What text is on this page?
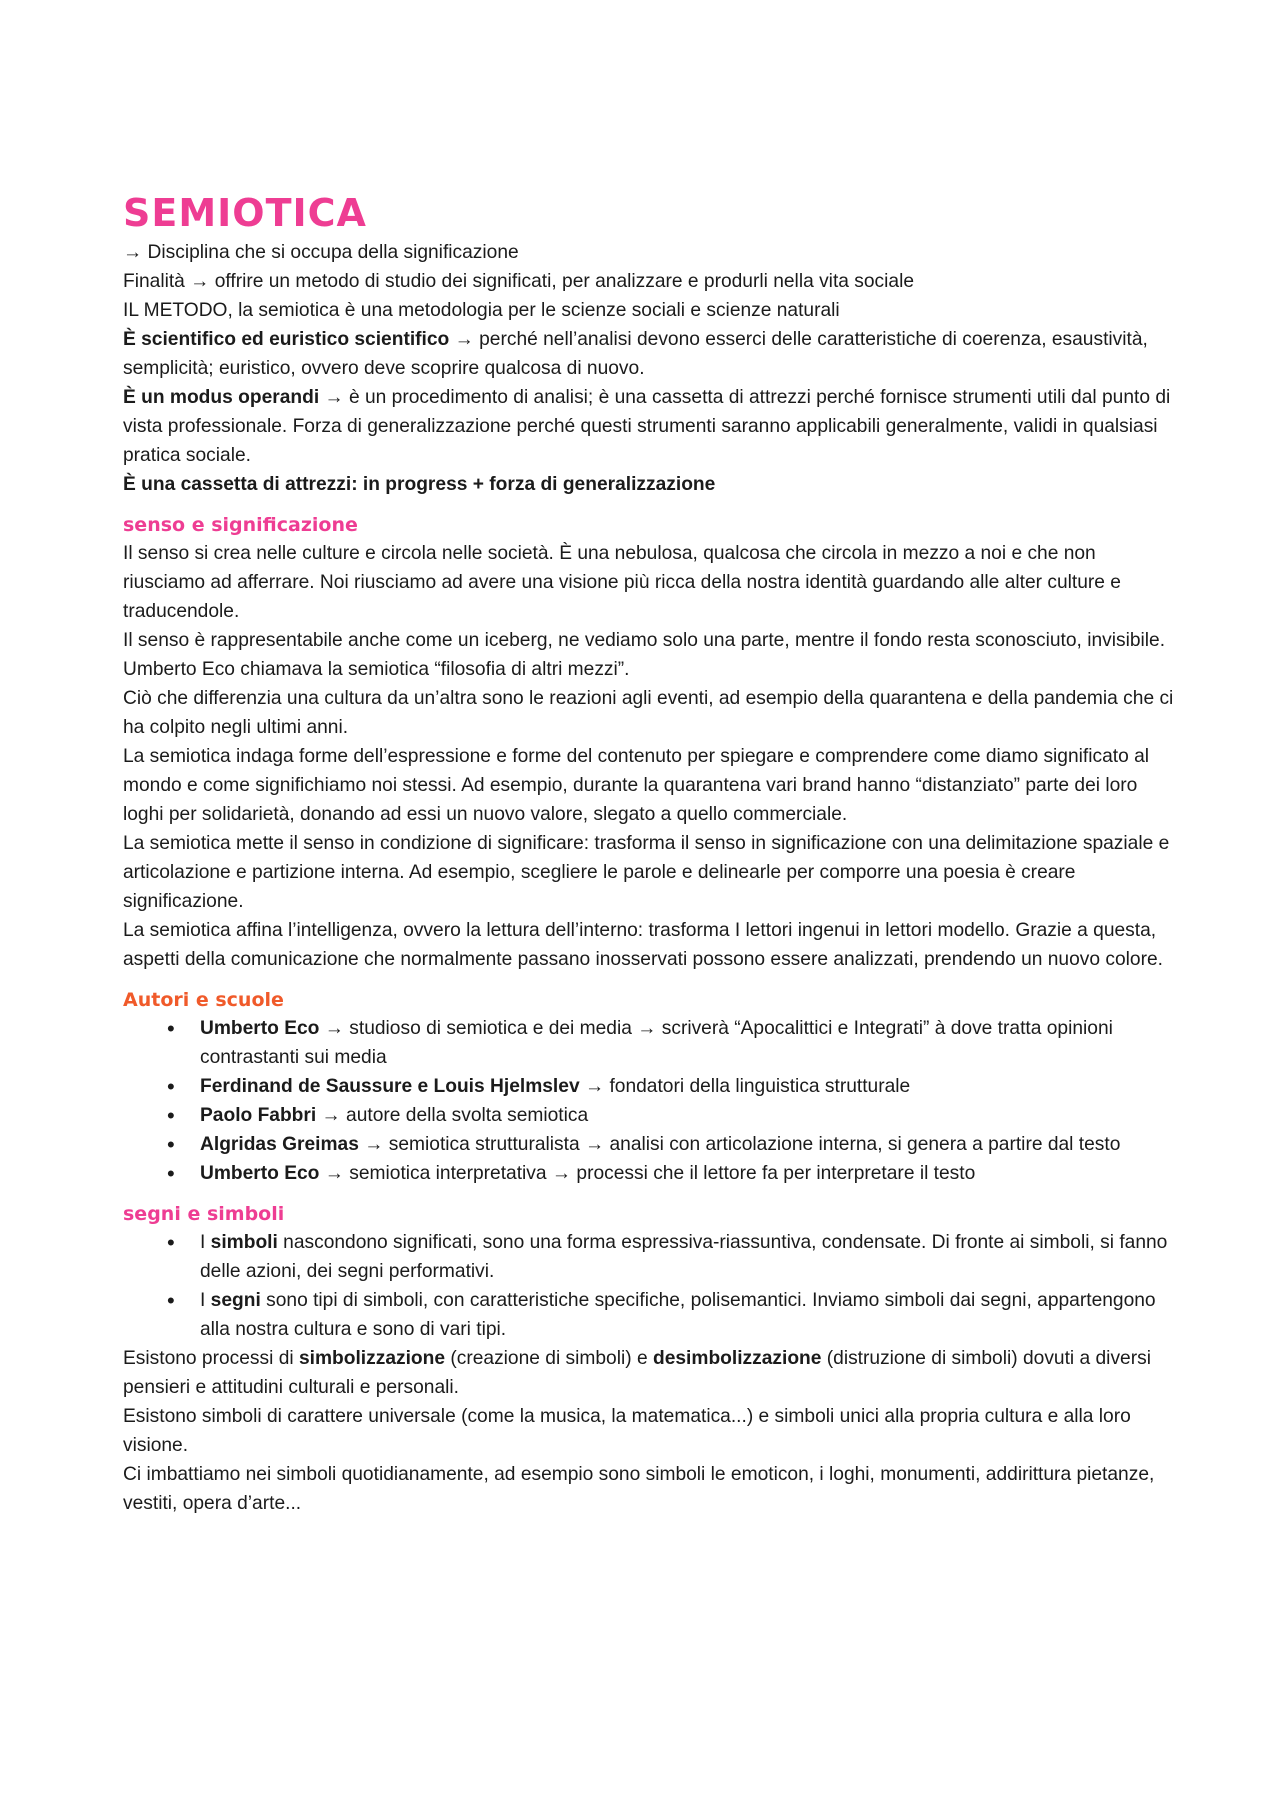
SEMIOTICA

→ Disciplina che si occupa della significazione

Finalità → offrire un metodo di studio dei significati, per analizzare e produrli nella vita sociale

IL METODO, la semiotica è una metodologia per le scienze sociali e scienze naturali

È scientifico ed euristico scientifico → perché nell’analisi devono esserci delle caratteristiche di coerenza, esaustività, semplicità; euristico, ovvero deve scoprire qualcosa di nuovo.

È un modus operandi → è un procedimento di analisi; è una cassetta di attrezzi perché fornisce strumenti utili dal punto di vista professionale. Forza di generalizzazione perché questi strumenti saranno applicabili generalmente, validi in qualsiasi pratica sociale.

È una cassetta di attrezzi: in progress + forza di generalizzazione

senso e significazione

Il senso si crea nelle culture e circola nelle società. È una nebulosa, qualcosa che circola in mezzo a noi e che non riusciamo ad afferrare. Noi riusciamo ad avere una visione più ricca della nostra identità guardando alle alter culture e traducendole.

Il senso è rappresentabile anche come un iceberg, ne vediamo solo una parte, mentre il fondo resta sconosciuto, invisibile. Umberto Eco chiamava la semiotica “filosofia di altri mezzi”.

Ciò che differenzia una cultura da un’altra sono le reazioni agli eventi, ad esempio della quarantena e della pandemia che ci ha colpito negli ultimi anni.

La semiotica indaga forme dell’espressione e forme del contenuto per spiegare e comprendere come diamo significato al mondo e come significhiamo noi stessi. Ad esempio, durante la quarantena vari brand hanno “distanziato” parte dei loro loghi per solidarietà, donando ad essi un nuovo valore, slegato a quello commerciale.

La semiotica mette il senso in condizione di significare: trasforma il senso in significazione con una delimitazione spaziale e articolazione e partizione interna. Ad esempio, scegliere le parole e delinearle per comporre una poesia è creare significazione.

La semiotica affina l’intelligenza, ovvero la lettura dell’interno: trasforma I lettori ingenui in lettori modello. Grazie a questa, aspetti della comunicazione che normalmente passano inosservati possono essere analizzati, prendendo un nuovo colore.

Autori e scuole
• Umberto Eco → studioso di semiotica e dei media → scriverà “Apocalittici e Integrati” à dove tratta opinioni contrastanti sui media
• Ferdinand de Saussure e Louis Hjelmslev → fondatori della linguistica strutturale
• Paolo Fabbri → autore della svolta semiotica
• Algridas Greimas → semiotica strutturalista → analisi con articolazione interna, si genera a partire dal testo
• Umberto Eco → semiotica interpretativa → processi che il lettore fa per interpretare il testo
segni e simboli
• I simboli nascondono significati, sono una forma espressiva-riassuntiva, condensate. Di fronte ai simboli, si fanno delle azioni, dei segni performativi.
• I segni sono tipi di simboli, con caratteristiche specifiche, polisemantici. Inviamo simboli dai segni, appartengono alla nostra cultura e sono di vari tipi.

Esistono processi di simbolizzazione (creazione di simboli) e desimbolizzazione (distruzione di simboli) dovuti a diversi pensieri e attitudini culturali e personali.

Esistono simboli di carattere universale (come la musica, la matematica...) e simboli unici alla propria cultura e alla loro visione.

Ci imbattiamo nei simboli quotidianamente, ad esempio sono simboli le emoticon, i loghi, monumenti, addirittura pietanze, vestiti, opera d’arte...
